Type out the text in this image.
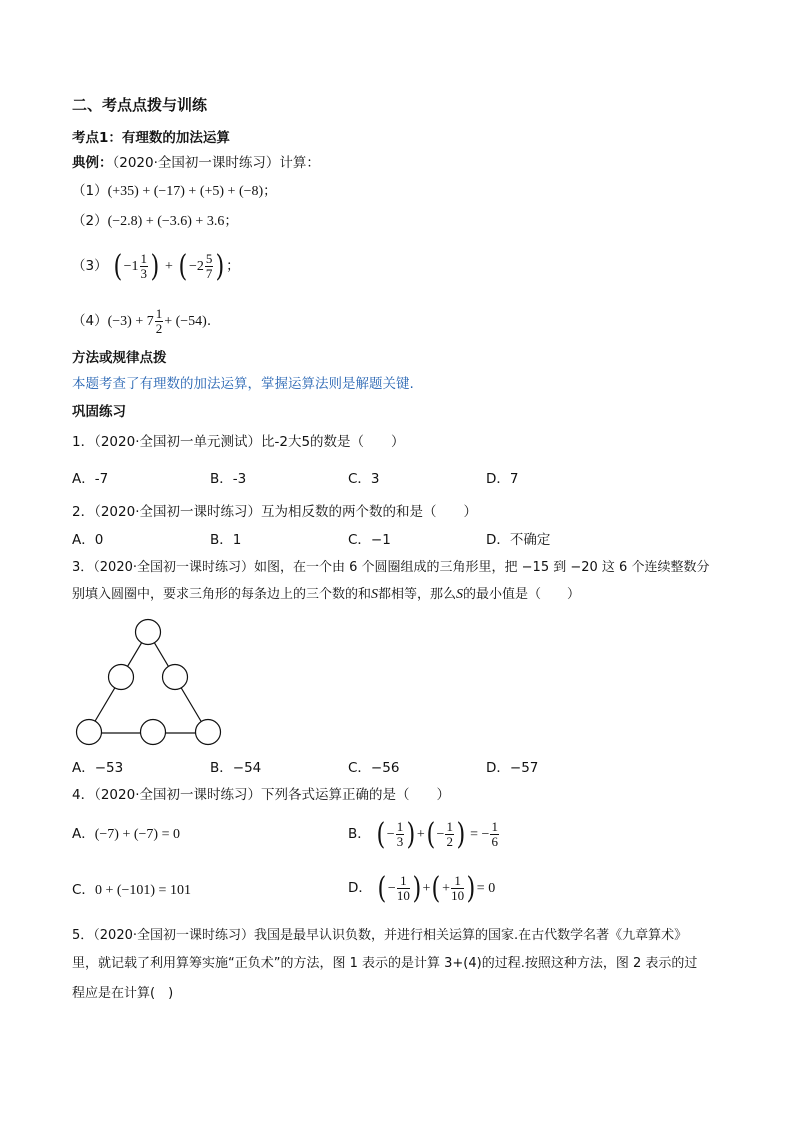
二、考点点拨与训练
考点1：有理数的加法运算
典例：（2020·全国初一课时练习）计算：
（1）(+35) + (−17) + (+5) + (−8)；
（2）(−2.8) + (−3.6) + 3.6；
（3） ($-1 \frac{1}{3}$ ) + ($-2 \frac{5}{7}$ )；
$(4)(-3) + 7 \frac{1}{2} + (-54)$.
方法或规律点拨
本题考查了有理数的加法运算，掌握运算法则是解题关键.
巩固练习
1．（2020·全国初一单元测试）比-2大5的数是（　　）
A．-7	B．-3	C．3	D．7
2．（2020·全国初一课时练习）互为相反数的两个数的和是（　　）
A．0	B．1	C．−1	D．不确定
3．（2020·全国初一课时练习）如图，在一个由 6 个圆圈组成的三角形里，把 −15 到 −20 这 6 个连续整数分
别填入圆圈中，要求三角形的每条边上的三个数的和S都相等，那么S的最小值是（　　）
A．−53	B．−54	C．−56	D．−57
4．（2020·全国初一课时练习）下列各式运算正确的是（　　）
A．(−7) + (−7) = 0	B． (− $\frac{1}{3}$ )+(− $\frac{1}{2}$ ) = − $\frac{1}{6}$
C．0 + (−101) = 101	D． (− $\frac{1}{10}$ )+(+ $\frac{1}{10}$ )= 0
5．（2020·全国初一课时练习）我国是最早认识负数，并进行相关运算的国家.在古代数学名著《九章算术》
里，就记载了利用算筹实施“正负术”的方法，图 1 表示的是计算 3+(4)的过程.按照这种方法，图 2 表示的过
程应是在计算(　)
